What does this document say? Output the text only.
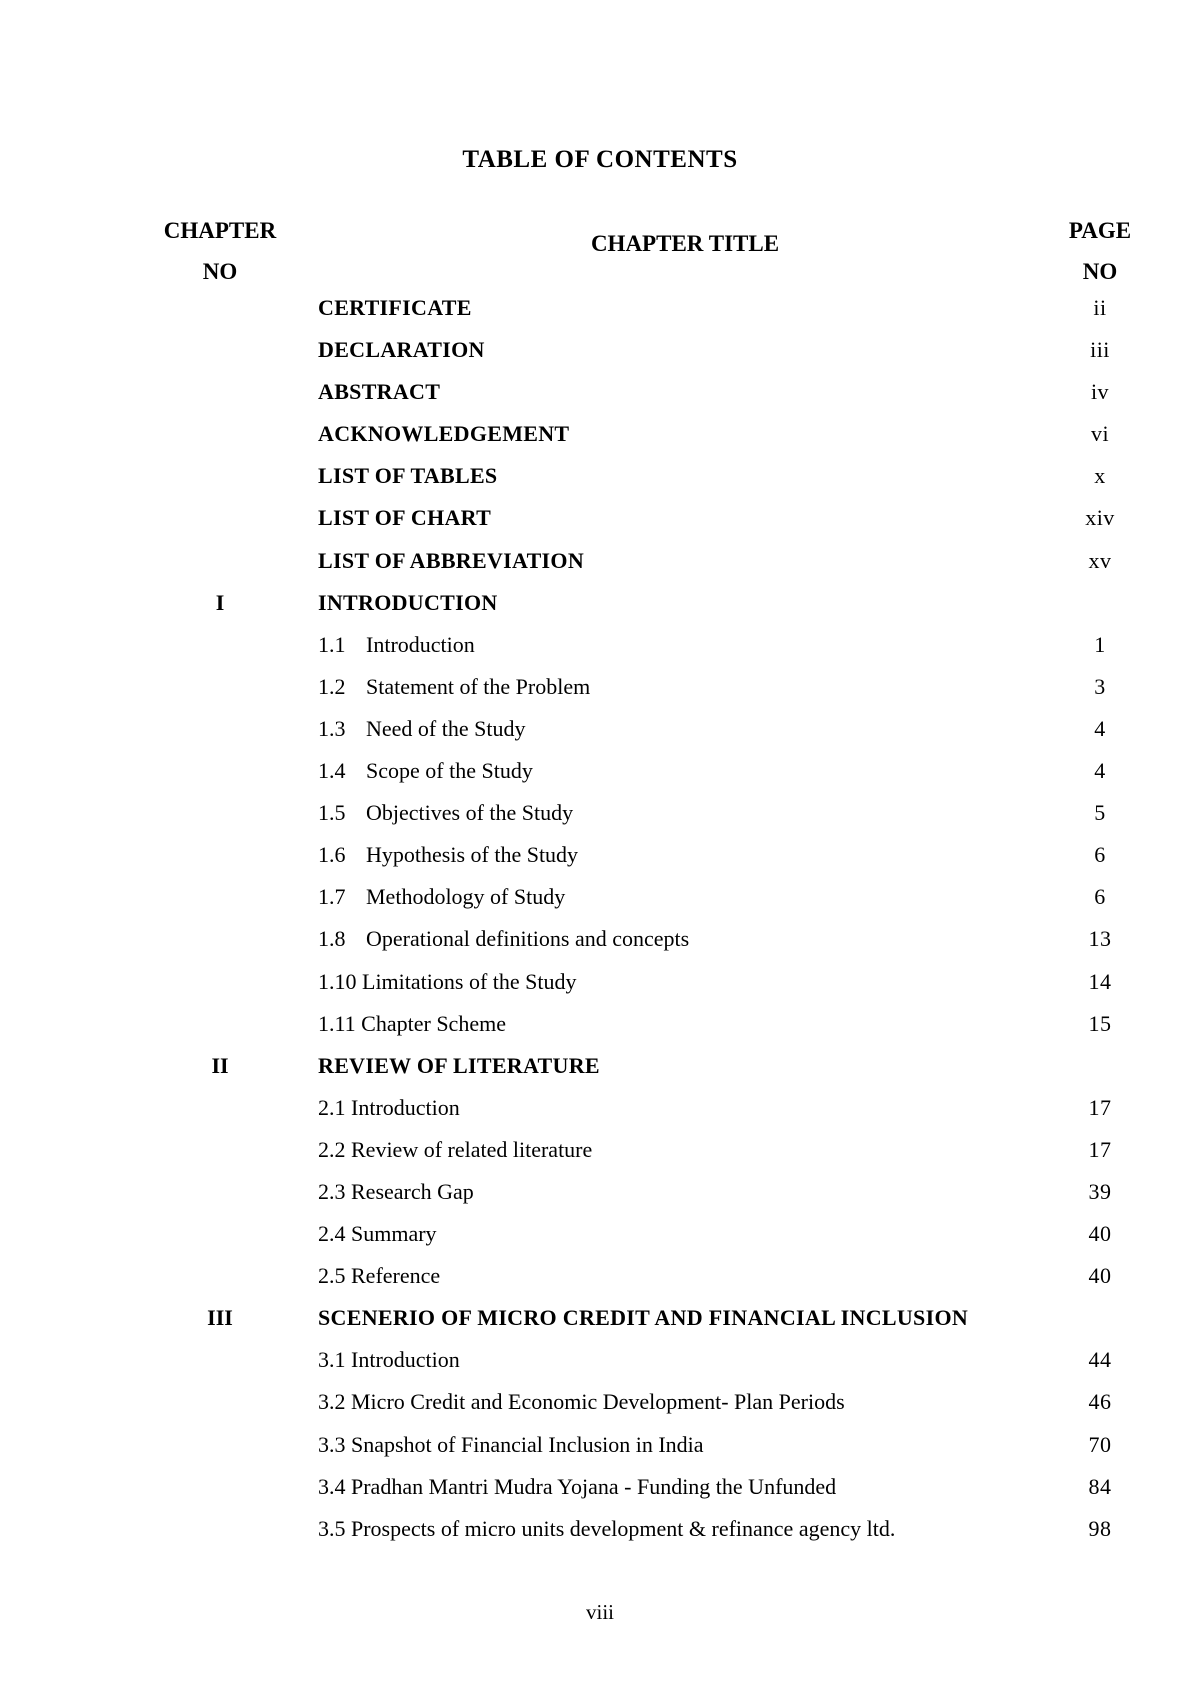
TABLE OF CONTENTS
CHAPTER
NO
CHAPTER TITLE
PAGE
NO
CERTIFICATE	ii
DECLARATION	iii
ABSTRACT	iv
ACKNOWLEDGEMENT	vi
LIST OF TABLES	x
LIST OF CHART	xiv
LIST OF ABBREVIATION	xv
I	INTRODUCTION
1.1 Introduction	1
1.2 Statement of the Problem	3
1.3 Need of the Study	4
1.4 Scope of the Study	4
1.5 Objectives of the Study	5
1.6 Hypothesis of the Study	6
1.7 Methodology of Study	6
1.8 Operational definitions and concepts	13
1.10 Limitations of the Study	14
1.11 Chapter Scheme	15
II	REVIEW OF LITERATURE
2.1 Introduction	17
2.2 Review of related literature	17
2.3 Research Gap	39
2.4 Summary	40
2.5 Reference	40
III	SCENERIO OF MICRO CREDIT AND FINANCIAL INCLUSION
3.1 Introduction	44
3.2 Micro Credit and Economic Development- Plan Periods	46
3.3 Snapshot of Financial Inclusion in India	70
3.4 Pradhan Mantri Mudra Yojana - Funding the Unfunded	84
3.5 Prospects of micro units development & refinance agency ltd.	98
viii
